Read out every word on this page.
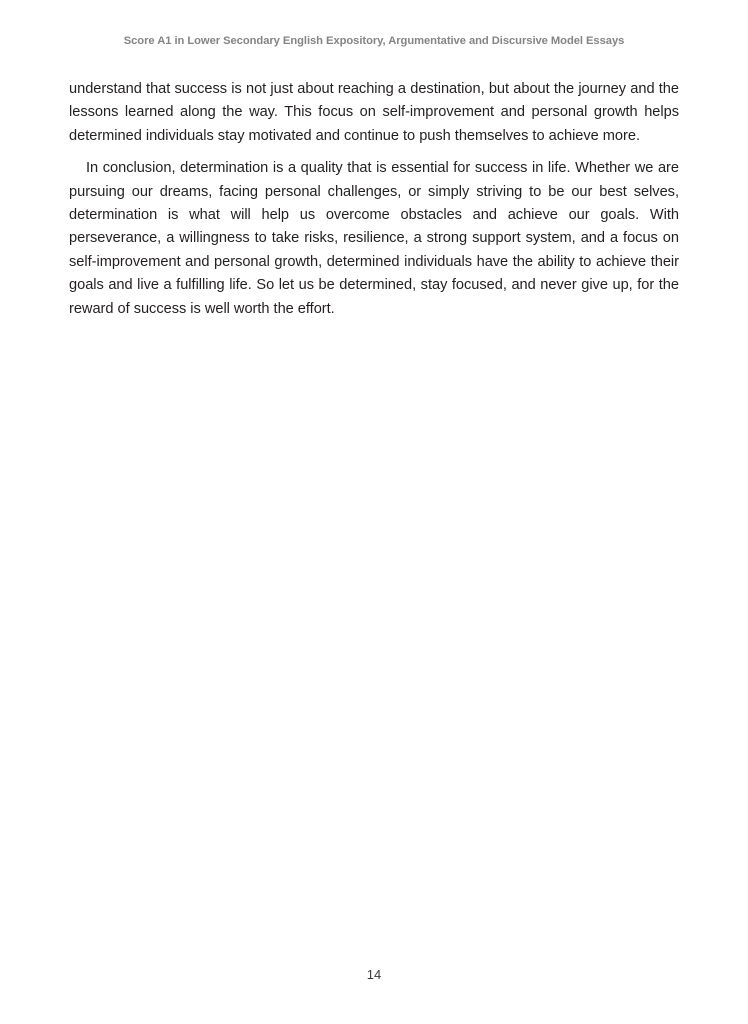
Score A1 in Lower Secondary English Expository, Argumentative and Discursive Model Essays

understand that success is not just about reaching a destination, but about the journey and the lessons learned along the way. This focus on self-improvement and personal growth helps determined individuals stay motivated and continue to push themselves to achieve more.

In conclusion, determination is a quality that is essential for success in life. Whether we are pursuing our dreams, facing personal challenges, or simply striving to be our best selves, determination is what will help us overcome obstacles and achieve our goals. With perseverance, a willingness to take risks, resilience, a strong support system, and a focus on self-improvement and personal growth, determined individuals have the ability to achieve their goals and live a fulfilling life. So let us be determined, stay focused, and never give up, for the reward of success is well worth the effort.

14
